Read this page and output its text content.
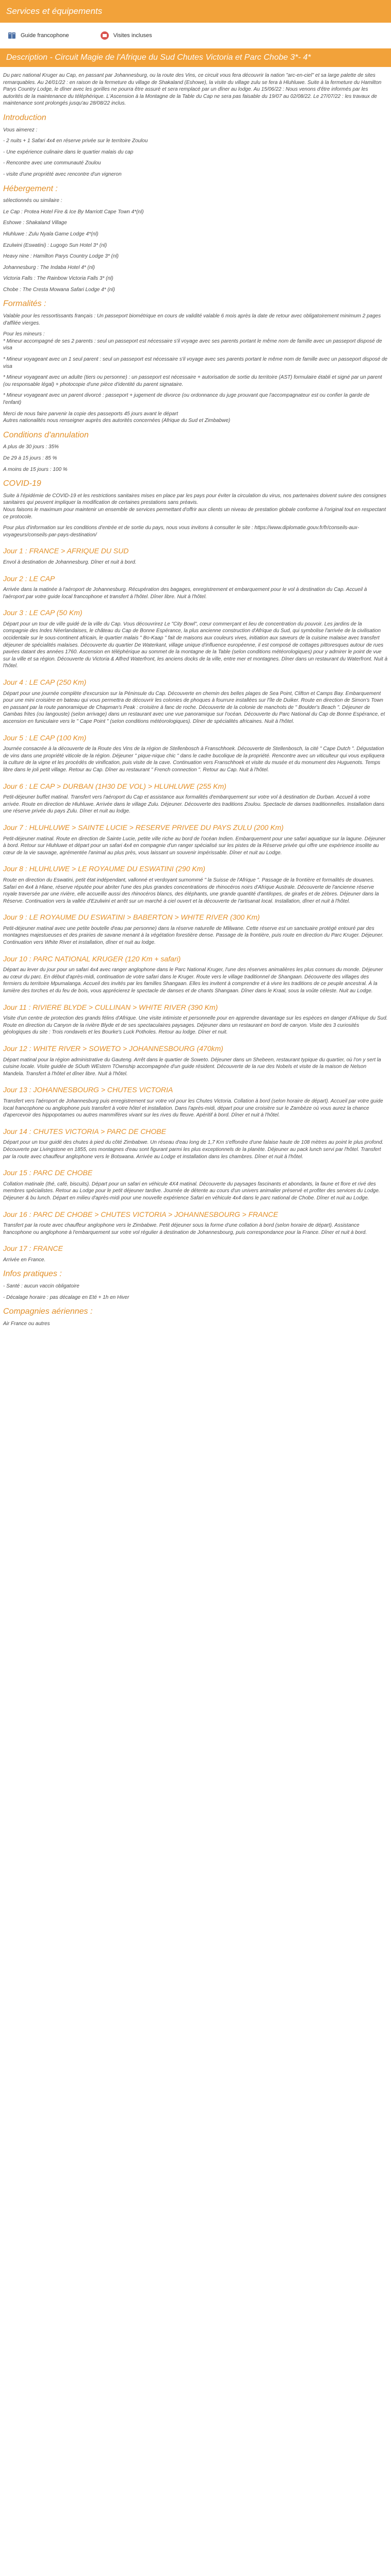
Services et équipements
Guide francophone	Visites incluses
Description - Circuit Magie de l'Afrique du Sud Chutes Victoria et Parc Chobe 3*- 4*

Du parc national Kruger au Cap, en passant par Johannesburg, ou la route des Vins, ce circuit vous fera découvrir la nation "arc-en-ciel" et sa large palette de sites remarquables. Au 24/01/22 : en raison de la fermeture du village de Shakaland (Eshowe), la visite du village zulu se fera à Hluhluwe. Suite à la fermeture du Hamilton Parys Country Lodge, le dîner avec les gorilles ne pourra être assuré et sera remplacé par un dîner au lodge. Au 15/06/22 : Nous venons d'être informés par les autorités de la maintenance du téléphérique. L'Ascension à la Montagne de la Table du Cap ne sera pas faisable du 19/07 au 02/08/22. Le 27/07/22 : les travaux de maintenance sont prolongés jusqu'au 28/08/22 inclus.

Introduction

Vous aimerez :

- 2 nuits + 1 Safari 4x4 en réserve privée sur le territoire Zoulou

- Une expérience culinaire dans le quartier malais du cap

- Rencontre avec une communauté Zoulou

- visite d'une propriété avec rencontre d'un vigneron

Hébergement :

sélectionnés ou similaire :

Le Cap : Protea Hotel Fire & Ice By Marriott Cape Town 4*(nl)

Eshowe : Shakaland Village

Hluhluwe : Zulu Nyala Game Lodge 4*(nl)

Ezulwini (Eswatini) : Lugogo Sun Hotel 3* (nl)

Heavy nine : Hamilton Parys Country Lodge 3* (nl)

Johannesburg : The Indaba Hotel 4* (nl)

Victoria Falls : The Rainbow Victoria Falls 3* (nl)

Chobe : The Cresta Mowana Safari Lodge 4* (nl)

Formalités :

Valable pour les ressortissants français : Un passeport biométrique en cours de validité valable 6 mois après la date de retour avec obligatoirement minimum 2 pages d'affilée vierges.

Pour les mineurs :
* Mineur accompagné de ses 2 parents : seul un passeport est nécessaire s'il voyage avec ses parents portant le même nom de famille avec un passeport disposé de visa

* Mineur voyageant avec un 1 seul parent : seul un passeport est nécessaire s'il voyage avec ses parents portant le même nom de famille avec un passeport disposé de visa

* Mineur voyageant avec un adulte (tiers ou personne) : un passeport est nécessaire + autorisation de sortie du territoire (AST) formulaire établi et signé par un parent (ou responsable légal) + photocopie d'une pièce d'identité du parent signataire.

* Mineur voyageant avec un parent divorcé : passeport + jugement de divorce (ou ordonnance du juge prouvant que l'accompagnateur est ou confier la garde de l'enfant)

Merci de nous faire parvenir la copie des passeports 45 jours avant le départ

Autres nationalités nous renseigner auprès des autorités concernées (Afrique du Sud et Zimbabwe)

Conditions d'annulation

A plus de 30 jours : 35%

De 29 à 15 jours : 85 %

A moins de 15 jours : 100 %

COVID-19

Suite à l'épidémie de COVID-19 et les restrictions sanitaires mises en place par les pays pour éviter la circulation du virus, nos partenaires doivent suivre des consignes sanitaires qui peuvent impliquer la modification de certaines prestations sans préavis.

Nous faisons le maximum pour maintenir un ensemble de services permettant d'offrir aux clients un niveau de prestation globale conforme à l'original tout en respectant ce protocole.

Pour plus d'information sur les conditions d'entrée et de sortie du pays, nous vous invitons à consulter le site : https://www.diplomatie.gouv.fr/fr/conseils-aux-voyageurs/conseils-par-pays-destination/

Jour 1 : FRANCE > AFRIQUE DU SUD

Envol à destination de Johannesburg. Dîner et nuit à bord.

Jour 2 : LE CAP

Arrivée dans la matinée à l'aéroport de Johannesburg. Récupération des bagages, enregistrement et embarquement pour le vol à destination du Cap. Accueil à l'aéroport par votre guide local francophone et transfert à l'hôtel. Dîner libre. Nuit à l'hôtel.

Jour 3 : LE CAP (50 Km)

Départ pour un tour de ville guidé de la ville du Cap. Vous découvrirez Le "City Bowl", cœur commerçant et lieu de concentration du pouvoir. Les jardins de la compagnie des Indes Néerlandaises, le château du Cap de Bonne Espérance, la plus ancienne construction d'Afrique du Sud, qui symbolise l'arrivée de la civilisation occidentale sur le sous-continent africain, le quartier malais " Bo-Kaap " fait de maisons aux couleurs vives, initiation aux saveurs de la cuisine malaise avec transfert déjeuner de spécialités malaises. Découverte du quartier De Waterkant, village unique d'influence européenne, il est composé de cottages pittoresques autour de rues pavées datant des années 1760. Ascension en téléphérique au sommet de la montagne de la Table (selon conditions météorologiques) pour y admirer le point de vue sur la ville et sa région. Découverte du Victoria & Alfred Waterfront, les anciens docks de la ville, entre mer et montagnes. Dîner dans un restaurant du Waterfront. Nuit à l'hôtel.

Jour 4 : LE CAP (250 Km)

Départ pour une journée complète d'excursion sur la Péninsule du Cap. Découverte en chemin des belles plages de Sea Point, Clifton et Camps Bay. Embarquement pour une mini croisière en bateau qui vous permettra de découvrir les colonies de phoques à fourrure installées sur l'île de Duiker. Route en direction de Simon's Town en passant par la route panoramique de Chapman's Peak : croisière à fanc de roche. Découverte de la colonie de manchots de " Boulder's Beach ". Déjeuner de Gambas frites (ou langouste) (selon arrivage) dans un restaurant avec une vue panoramique sur l'océan. Découverte du Parc National du Cap de Bonne Espérance, et ascension en funiculaire vers le " Cape Point " (selon conditions météorologiques). Dîner de spécialités africaines. Nuit à l'hôtel.

Jour 5 : LE CAP (100 Km)

Journée consacrée à la découverte de la Route des Vins de la région de Stellenbosch à Franschhoek. Découverte de Stellenbosch, la cité " Cape Dutch ". Dégustation de vins dans une propriété viticole de la région. Déjeuner " pique-nique chic " dans le cadre bucolique de la propriété. Rencontre avec un viticulteur qui vous expliquera la culture de la vigne et les procédés de vinification, puis visite de la cave. Continuation vers Franschhoek et visite du musée et du monument des Huguenots. Temps libre dans le joli petit village. Retour au Cap. Dîner au restaurant " French connection ". Retour au Cap. Nuit à l'hôtel.

Jour 6 : LE CAP > DURBAN (1H30 DE VOL) > HLUHLUWE (255 Km)

Petit-déjeuner buffet matinal. Transfert vers l'aéroport du Cap et assistance aux formalités d'embarquement sur votre vol à destination de Durban. Accueil à votre arrivée. Route en direction de Hluhluwe. Arrivée dans le village Zulu. Déjeuner. Découverte des traditions Zoulou. Spectacle de danses traditionnelles. Installation dans une réserve privée du pays Zulu. Dîner et nuit au lodge.

Jour 7 : HLUHLUWE > SAINTE LUCIE > RESERVE PRIVEE DU PAYS ZULU (200 Km)

Petit-déjeuner matinal. Route en direction de Sainte Lucie, petite ville riche au bord de l'océan Indien. Embarquement pour une safari aquatique sur la lagune. Déjeuner à bord. Retour sur Hluhluwe et départ pour un safari 4x4 en compagnie d'un ranger spécialisé sur les pistes de la Réserve privée qui offre une expérience insolite au cœur de la vie sauvage, agrémentée l'animal au plus près, vous laissant un souvenir impérissable. Dîner et nuit au Lodge.

Jour 8 : HLUHLUWE > LE ROYAUME DU ESWATINI (290 Km)

Route en direction du Eswatini, petit état indépendant, vallonné et verdoyant surnommé " la Suisse de l'Afrique ". Passage de la frontière et formalités de douanes. Safari en 4x4 à Hlane, réserve réputée pour abriter l'une des plus grandes concentrations de rhinocéros noirs d'Afrique Australe. Découverte de l'ancienne réserve royale traversée par une rivière, elle accueille aussi des rhinocéros blancs, des éléphants, une grande quantité d'antilopes, de girafes et de zèbres. Déjeuner dans la Réserve. Continuation vers la vallée d'Ezulwini et arrêt sur un marché à ciel ouvert et la découverte de l'artisanat local. Installation, dîner et nuit à l'hôtel.

Jour 9 : LE ROYAUME DU ESWATINI > BABERTON > WHITE RIVER (300 Km)

Petit-déjeuner matinal avec une petite boutelle d'eau par personne) dans la réserve naturelle de Mlilwane. Cette réserve est un sanctuaire protégé entouré par des montagnes majestueuses et des prairies de savane menant à la végétation forestière dense. Passage de la frontière, puis route en direction du Parc Kruger. Déjeuner. Continuation vers White River et installation, dîner et nuit au lodge.

Jour 10 : PARC NATIONAL KRUGER (120 Km + safari)

Départ au lever du jour pour un safari 4x4 avec ranger anglophone dans le Parc National Kruger, l'une des réserves animalières les plus connues du monde. Déjeuner au cœur du parc. En début d'après-midi, continuation de votre safari dans le Kruger. Route vers le village traditionnel de Shangaan. Découverte des villages des fermiers du territoire Mpumalanga. Accueil des invités par les familles Shangaan. Elles les invitent à comprendre et à vivre les traditions de ce peuple ancestral. À la lumière des torches et du feu de bois, vous apprécierez le spectacle de danses et de chants Shangaan. Dîner dans le Kraal, sous la voûte céleste. Nuit au Lodge.

Jour 11 : RIVIERE BLYDE > CULLINAN > WHITE RIVER (390 Km)

Visite d'un centre de protection des grands félins d'Afrique. Une visite intimiste et personnelle pour en apprendre davantage sur les espèces en danger d'Afrique du Sud. Route en direction du Canyon de la rivière Blyde et de ses spectaculaires paysages. Déjeuner dans un restaurant en bord de canyon. Visite des 3 curiosités géologiques du site : Trois rondavels et les Bourke's Luck Potholes. Retour au lodge. Dîner et nuit.

Jour 12 : WHITE RIVER > SOWETO > JOHANNESBOURG (470km)

Départ matinal pour la région administrative du Gauteng. Arrêt dans le quartier de Soweto. Déjeuner dans un Shebeen, restaurant typique du quartier, où l'on y sert la cuisine locale. Visite guidée de SOuth WEstern TOwnship accompagnée d'un guide résident. Découverte de la rue des Nobels et visite de la maison de Nelson Mandela. Transfert à l'hôtel et dîner libre. Nuit à l'hôtel.

Jour 13 : JOHANNESBOURG > CHUTES VICTORIA

Transfert vers l'aéroport de Johannesburg puis enregistrement sur votre vol pour les Chutes Victoria. Collation à bord (selon horaire de départ). Accueil par votre guide local francophone ou anglophone puis transfert à votre hôtel et installation. Dans l'après-midi, départ pour une croisière sur le Zambèze où vous aurez la chance d'apercevoir des hippopotames ou autres mammifères vivant sur les rives du fleuve. Apéritif à bord. Dîner et nuit à l'hôtel.

Jour 14 : CHUTES VICTORIA > PARC DE CHOBE

Départ pour un tour guidé des chutes à pied du côté Zimbabwe. Un réseau d'eau long de 1,7 Km s'effondre d'une falaise haute de 108 mètres au point le plus profond. Découverte par Livingstone en 1855, ces montagnes d'eau sont figurant parmi les plus exceptionnels de la planète. Déjeuner au pack lunch servi par l'hôtel. Transfert par la route avec chauffeur anglophone vers le Botswana. Arrivée au Lodge et installation dans les chambres. Dîner et nuit à l'hôtel.

Jour 15 : PARC DE CHOBE

Collation matinale (thé, café, biscuits). Départ pour un safari en véhicule 4X4 matinal. Découverte du paysages fascinants et abondants, la faune et flore et rivé des membres spécialistes. Retour au Lodge pour le petit déjeuner tardive. Journée de détente au cours d'un univers animalier préservé et profiter des services du Lodge. Déjeuner & bu lunch. Départ en milieu d'après-midi pour une nouvelle expérience Safari en véhicule 4x4 dans le parc national de Chobe. Dîner et nuit au Lodge.

Jour 16 : PARC DE CHOBE > CHUTES VICTORIA > JOHANNESBOURG > FRANCE

Transfert par la route avec chauffeur anglophone vers le Zimbabwe. Petit déjeuner sous la forme d'une collation à bord (selon horaire de départ). Assistance francophone ou anglophone à l'embarquement sur votre vol régulier à destination de Johannesbourg, puis correspondance pour la France. Dîner et nuit à bord.

Jour 17 : FRANCE

Arrivée en France.

Infos pratiques :

- Santé : aucun vaccin obligatoire

- Décalage horaire : pas décalage en Eté + 1h en Hiver

Compagnies aériennes :

Air France ou autres
